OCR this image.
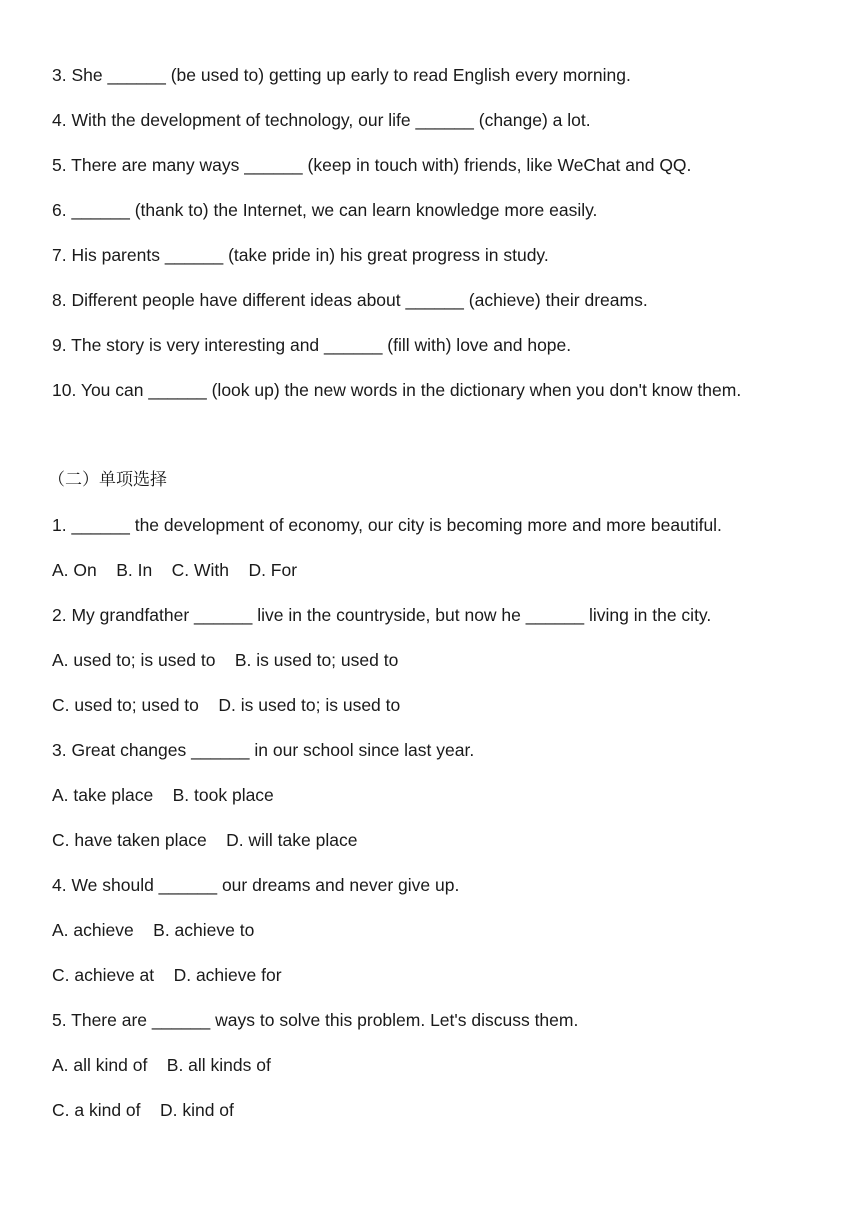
3. She ______ (be used to) getting up early to read English every morning.
4. With the development of technology, our life ______ (change) a lot.
5. There are many ways ______ (keep in touch with) friends, like WeChat and QQ.
6. ______ (thank to) the Internet, we can learn knowledge more easily.
7. His parents ______ (take pride in) his great progress in study.
8. Different people have different ideas about ______ (achieve) their dreams.
9. The story is very interesting and ______ (fill with) love and hope.
10. You can ______ (look up) the new words in the dictionary when you don't know them.
（二）单项选择
1. ______ the development of economy, our city is becoming more and more beautiful.
A. On    B. In    C. With    D. For
2. My grandfather ______ live in the countryside, but now he ______ living in the city.
A. used to; is used to    B. is used to; used to
C. used to; used to    D. is used to; is used to
3. Great changes ______ in our school since last year.
A. take place    B. took place
C. have taken place    D. will take place
4. We should ______ our dreams and never give up.
A. achieve    B. achieve to
C. achieve at    D. achieve for
5. There are ______ ways to solve this problem. Let's discuss them.
A. all kind of    B. all kinds of
C. a kind of    D. kind of
